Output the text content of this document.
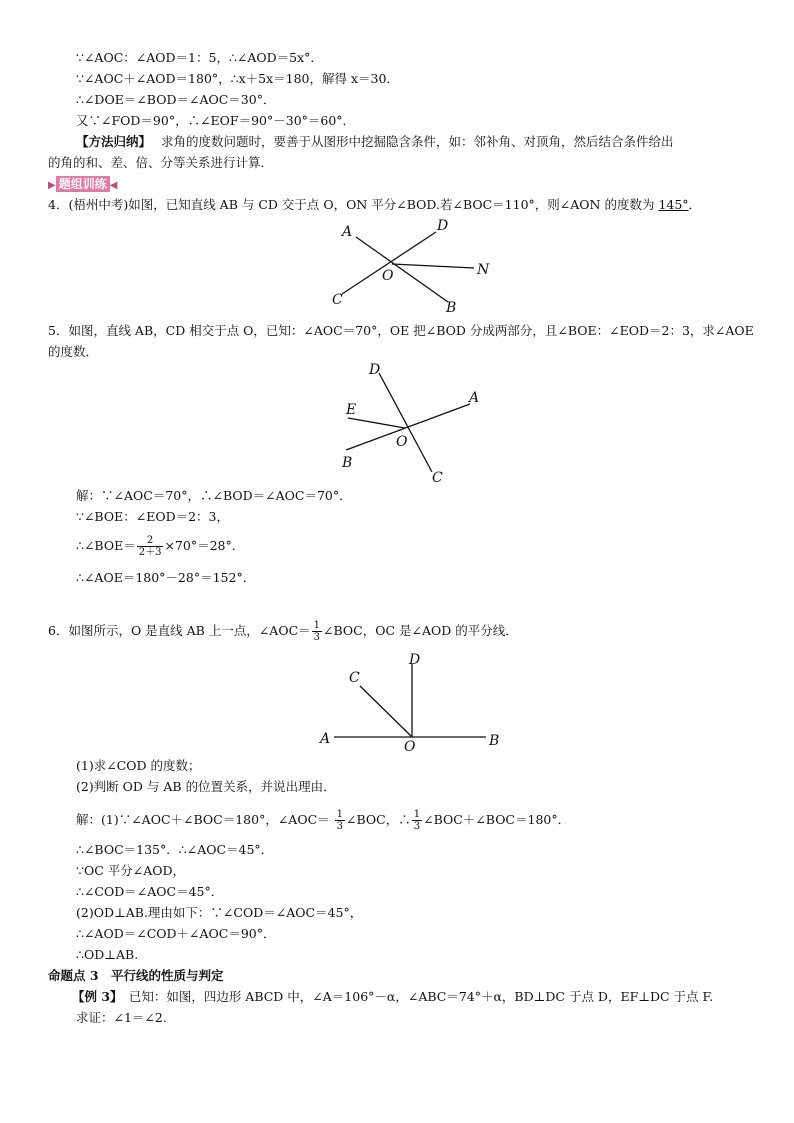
∵∠AOC：∠AOD＝1：5，∴∠AOD＝5x°．
∵∠AOC＋∠AOD＝180°，∴x＋5x＝180，解得 x＝30．
∴∠DOE＝∠BOD＝∠AOC＝30°．
又∵∠FOD＝90°，∴∠EOF＝90°－30°＝60°．
【方法归纳】 求角的度数问题时，要善于从图形中挖掘隐含条件，如：邻补角、对顶角，然后结合条件给出
的角的和、差、倍、分等关系进行计算．
▶ 题组训练 ◀
4．(梧州中考)如图，已知直线 AB 与 CD 交于点 O，ON 平分∠BOD.若∠BOC＝110°，则∠AON 的度数为 145°．
A	D
O	N
C	B
5．如图，直线 AB，CD 相交于点 O，已知：∠AOC＝70°，OE 把∠BOD 分成两部分，且∠BOE：∠EOD＝2：3，求∠AOE
的度数．
D
E
A
O
B
C
解：∵∠AOC＝70°，∴∠BOD＝∠AOC＝70°．
∵∠BOE：∠EOD＝2：3，
∴∠BOE＝ $\frac{2}{2+3} \times 70^\circ=28^\circ$．
∴∠AOE＝180°－28°＝152°．
6．如图所示，O 是直线 AB 上一点，∠AOC＝ $\frac{1}{3}$ ∠BOC，OC 是∠AOD 的平分线．
D
C
A	O	B
(1)求∠COD 的度数；
(2)判断 OD 与 AB 的位置关系，并说出理由．
解：(1)∵∠AOC＋∠BOC＝180°，∠AOC＝ $\frac{1}{3}$ ∠BOC，∴ $\frac{1}{3}$ ∠BOC＋∠BOC＝180°．
∴∠BOC＝135°．∴∠AOC＝45°．
∵OC 平分∠AOD，
∴∠COD＝∠AOC＝45°．
(2)OD⊥AB.理由如下：∵∠COD＝∠AOC＝45°，
∴∠AOD＝∠COD＋∠AOC＝90°．
∴OD⊥AB.
命题点 3　平行线的性质与判定
【例 3】　已知：如图，四边形 ABCD 中，∠A＝106°－α，∠ABC＝74°＋α，BD⊥DC 于点 D，EF⊥DC 于点 F.
求证：∠1＝∠2.
